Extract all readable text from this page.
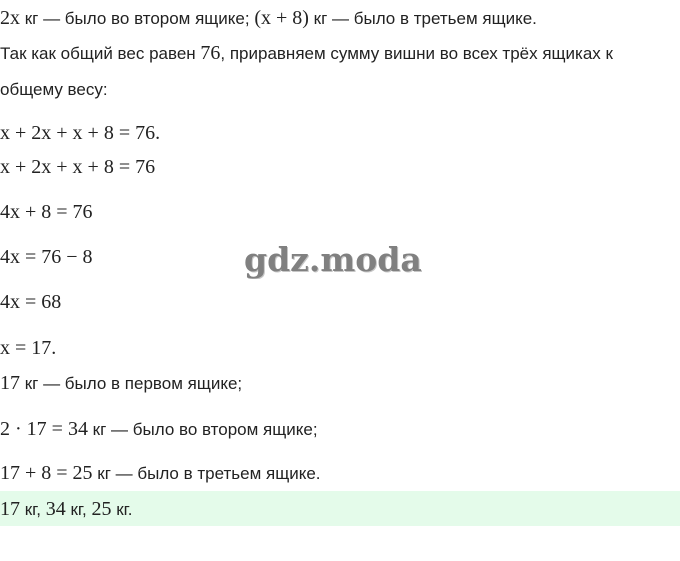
2x кг — было во втором ящике; (x + 8) кг — было в третьем ящике.
Так как общий вес равен 76, приравняем сумму вишни во всех трёх ящиках к
общему весу:
x + 2x + x + 8 = 76.
x + 2x + x + 8 = 76
4x + 8 = 76
4x = 76 − 8
4x = 68
x = 17.
gdz.moda
17 кг — было в первом ящике;
2 · 17 = 34 кг — было во втором ящике;
17 + 8 = 25 кг — было в третьем ящике.
17 кг, 34 кг, 25 кг.
